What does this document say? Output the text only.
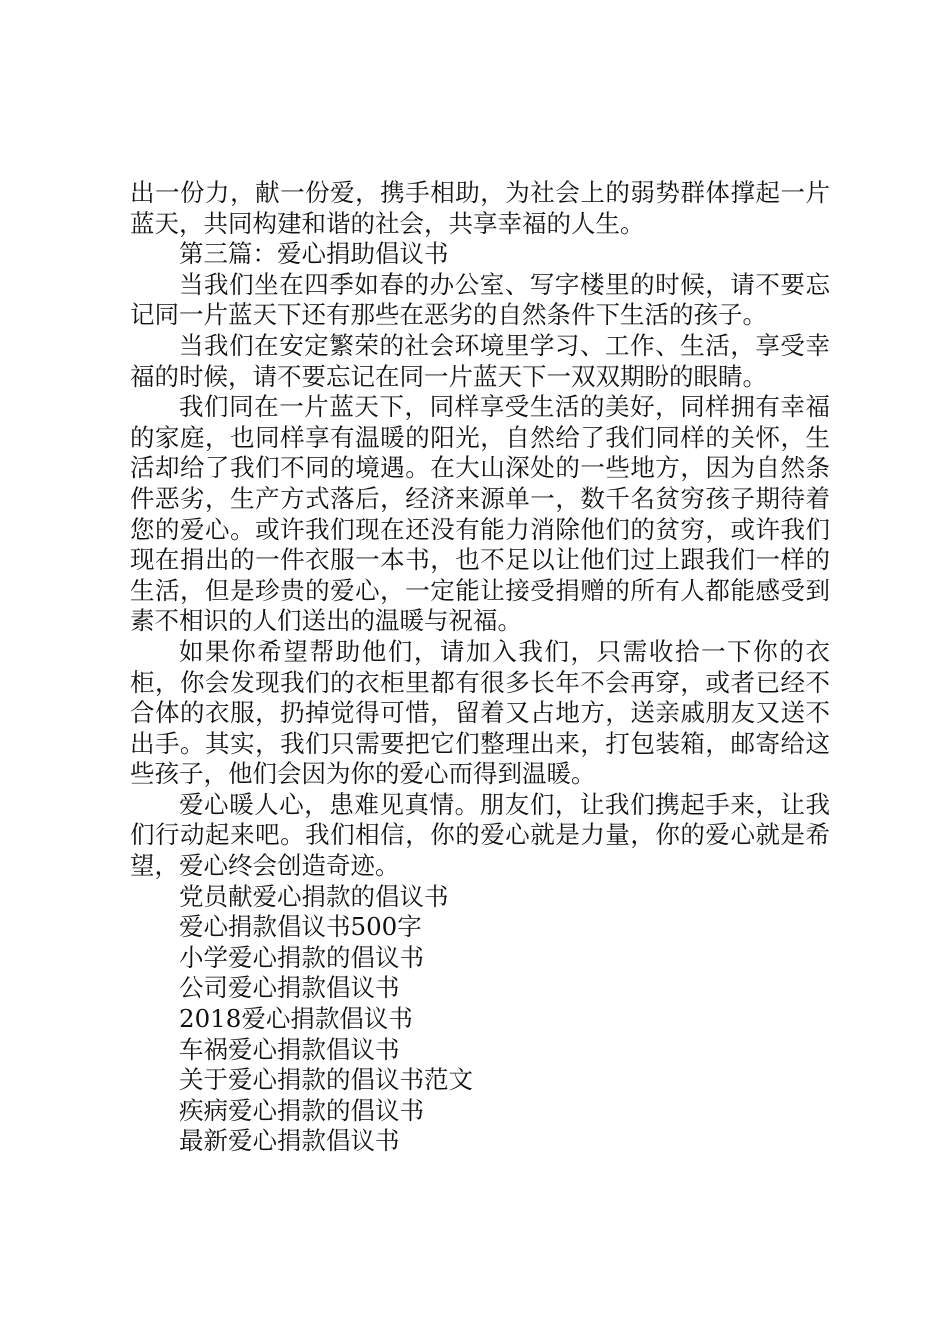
出一份力，献一份爱，携手相助，为社会上的弱势群体撑起一片蓝天，共同构建和谐的社会，共享幸福的人生。

第三篇：爱心捐助倡议书

当我们坐在四季如春的办公室、写字楼里的时候，请不要忘记同一片蓝天下还有那些在恶劣的自然条件下生活的孩子。

当我们在安定繁荣的社会环境里学习、工作、生活，享受幸福的时候，请不要忘记在同一片蓝天下一双双期盼的眼睛。

我们同在一片蓝天下，同样享受生活的美好，同样拥有幸福的家庭，也同样享有温暖的阳光，自然给了我们同样的关怀，生活却给了我们不同的境遇。在大山深处的一些地方，因为自然条件恶劣，生产方式落后，经济来源单一，数千名贫穷孩子期待着您的爱心。或许我们现在还没有能力消除他们的贫穷，或许我们现在捐出的一件衣服一本书，也不足以让他们过上跟我们一样的生活，但是珍贵的爱心，一定能让接受捐赠的所有人都能感受到素不相识的人们送出的温暖与祝福。

如果你希望帮助他们，请加入我们，只需收拾一下你的衣柜，你会发现我们的衣柜里都有很多长年不会再穿，或者已经不合体的衣服，扔掉觉得可惜，留着又占地方，送亲戚朋友又送不出手。其实，我们只需要把它们整理出来，打包装箱，邮寄给这些孩子，他们会因为你的爱心而得到温暖。

爱心暖人心，患难见真情。朋友们，让我们携起手来，让我们行动起来吧。我们相信，你的爱心就是力量，你的爱心就是希望，爱心终会创造奇迹。

党员献爱心捐款的倡议书
爱心捐款倡议书500字
小学爱心捐款的倡议书
公司爱心捐款倡议书
2018爱心捐款倡议书
车祸爱心捐款倡议书
关于爱心捐款的倡议书范文
疾病爱心捐款的倡议书
最新爱心捐款倡议书
